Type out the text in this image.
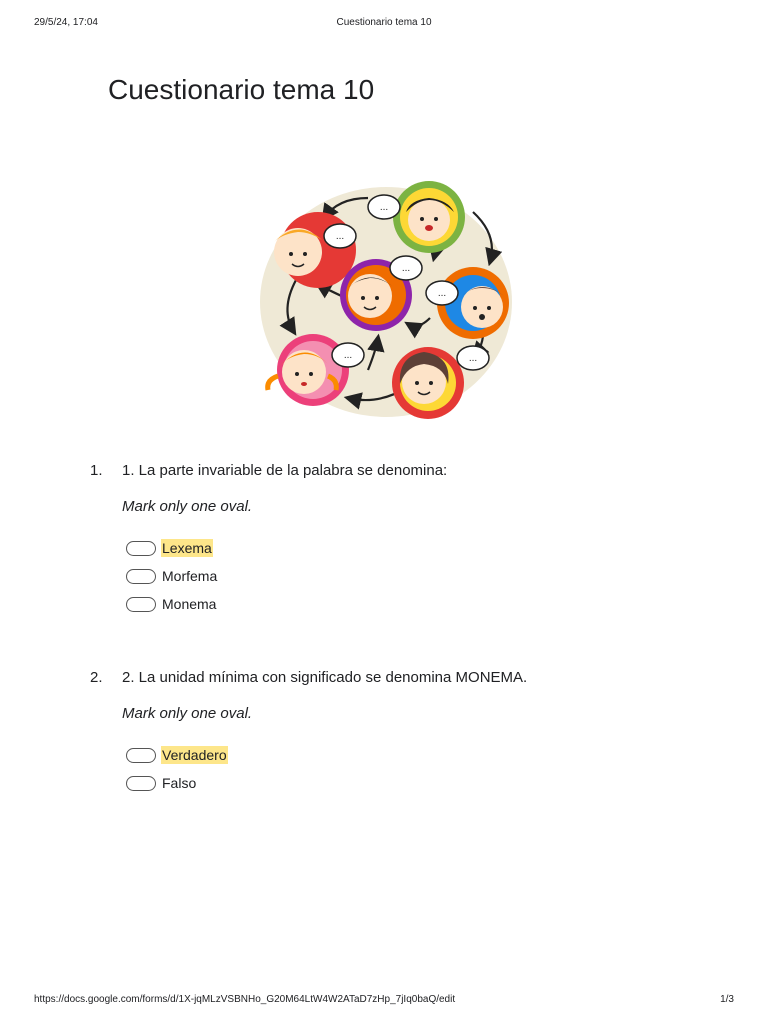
29/5/24, 17:04	Cuestionario tema 10
Cuestionario tema 10
...
...
...
...
...	...
1. 1. La parte invariable de la palabra se denomina:
Mark only one oval.
Lexema
Morfema
Monema
2. 2. La unidad mínima con significado se denomina MONEMA.
Mark only one oval.
Verdadero
Falso
https://docs.google.com/forms/d/1X-jqMLzVSBNHo_G20M64LtW4W2ATaD7zHp_7jIq0baQ/edit	1/3
